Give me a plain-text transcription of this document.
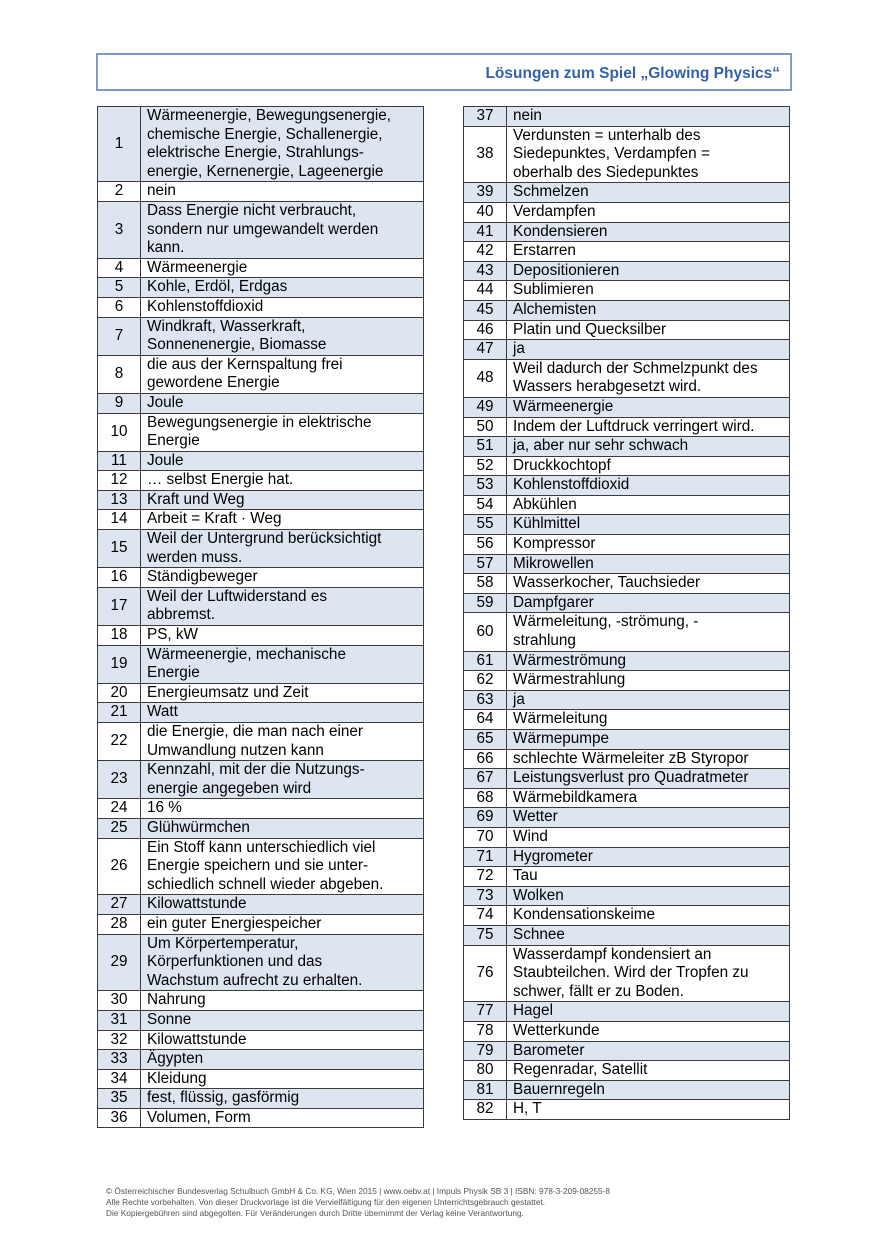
Lösungen zum Spiel „Glowing Physics“
1	Wärmeenergie, Bewegungsenergie,
chemische Energie, Schallenergie,
elektrische Energie, Strahlungs-
energie, Kernenergie, Lageenergie

2	nein

3	Dass Energie nicht verbraucht,
sondern nur umgewandelt werden
kann.

4	Wärmeenergie

5	Kohle, Erdöl, Erdgas

6	Kohlenstoffdioxid

7	Windkraft, Wasserkraft,
Sonnenenergie, Biomasse

8	die aus der Kernspaltung frei
gewordene Energie

9	Joule

10	Bewegungsenergie in elektrische
Energie

11	Joule

12	… selbst Energie hat.

13	Kraft und Weg

14	Arbeit = Kraft · Weg

15	Weil der Untergrund berücksichtigt
werden muss.

16	Ständigbeweger

17	Weil der Luftwiderstand es
abbremst.

18	PS, kW

19	Wärmeenergie, mechanische
Energie

20	Energieumsatz und Zeit

21	Watt

22	die Energie, die man nach einer
Umwandlung nutzen kann

23	Kennzahl, mit der die Nutzungs-
energie angegeben wird

24	16 %

25	Glühwürmchen

26	Ein Stoff kann unterschiedlich viel
Energie speichern und sie unter-
schiedlich schnell wieder abgeben.

27	Kilowattstunde

28	ein guter Energiespeicher

29	Um Körpertemperatur,
Körperfunktionen und das
Wachstum aufrecht zu erhalten.

30	Nahrung

31	Sonne

32	Kilowattstunde

33	Ägypten

34	Kleidung

35	fest, flüssig, gasförmig

36	Volumen, Form
37	nein

38	Verdunsten = unterhalb des
Siedepunktes, Verdampfen =
oberhalb des Siedepunktes

39	Schmelzen

40	Verdampfen

41	Kondensieren

42	Erstarren

43	Depositionieren

44	Sublimieren

45	Alchemisten

46	Platin und Quecksilber

47	ja

48	Weil dadurch der Schmelzpunkt des
Wassers herabgesetzt wird.

49	Wärmeenergie

50	Indem der Luftdruck verringert wird.

51	ja, aber nur sehr schwach

52	Druckkochtopf

53	Kohlenstoffdioxid

54	Abkühlen

55	Kühlmittel

56	Kompressor

57	Mikrowellen

58	Wasserkocher, Tauchsieder

59	Dampfgarer

60	Wärmeleitung, -strömung, -
strahlung

61	Wärmeströmung

62	Wärmestrahlung

63	ja

64	Wärmeleitung

65	Wärmepumpe

66	schlechte Wärmeleiter zB Styropor

67	Leistungsverlust pro Quadratmeter

68	Wärmebildkamera

69	Wetter

70	Wind

71	Hygrometer

72	Tau

73	Wolken

74	Kondensationskeime

75	Schnee

76	Wasserdampf kondensiert an
Staubteilchen. Wird der Tropfen zu
schwer, fällt er zu Boden.

77	Hagel

78	Wetterkunde

79	Barometer

80	Regenradar, Satellit

81	Bauernregeln

82	H, T
© Österreichischer Bundesverlag Schulbuch GmbH & Co. KG, Wien 2015 | www.oebv.at | Impuls Physik SB 3 | ISBN: 978-3-209-08255-8
Alle Rechte vorbehalten. Von dieser Druckvorlage ist die Vervielfältigung für den eigenen Unterrichtsgebrauch gestattet.
Die Kopiergebühren sind abgegolten. Für Veränderungen durch Dritte übernimmt der Verlag keine Verantwortung.
